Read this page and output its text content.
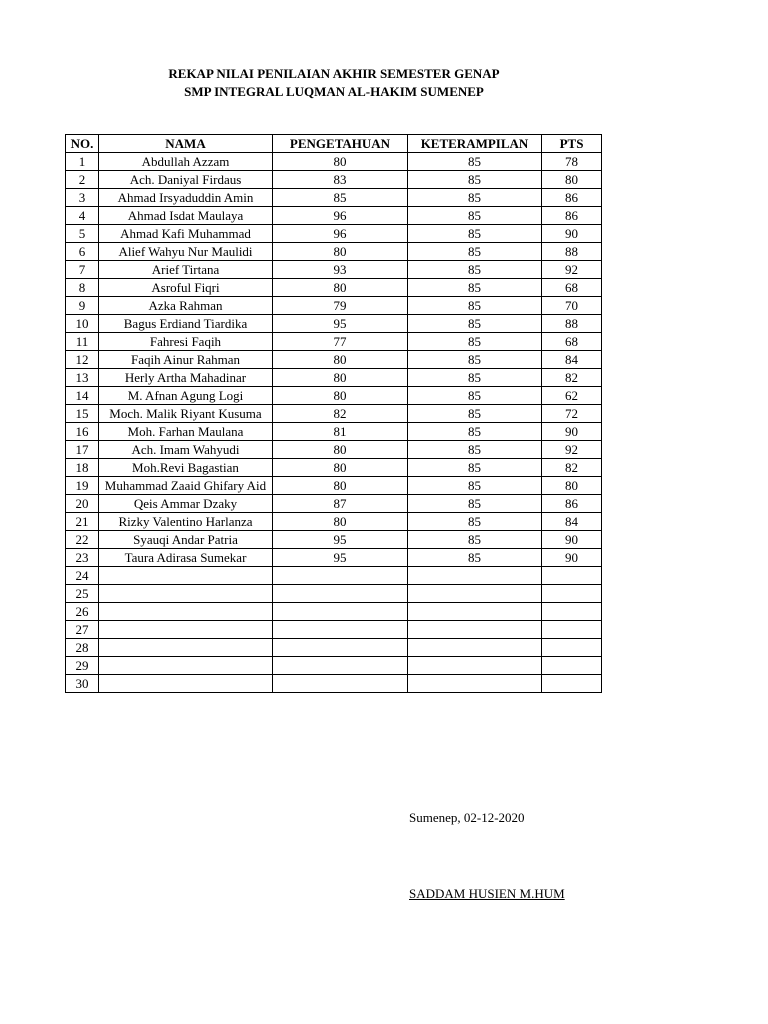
REKAP NILAI PENILAIAN AKHIR SEMESTER GENAP
SMP INTEGRAL LUQMAN AL-HAKIM SUMENEP
NO.	NAMA	PENGETAHUAN	KETERAMPILAN	PTS
1	Abdullah Azzam	80	85	78
2	Ach. Daniyal Firdaus	83	85	80
3	Ahmad Irsyaduddin Amin	85	85	86
4	Ahmad Isdat Maulaya	96	85	86
5	Ahmad Kafi Muhammad	96	85	90
6	Alief Wahyu Nur Maulidi	80	85	88
7	Arief Tirtana	93	85	92
8	Asroful Fiqri	80	85	68
9	Azka Rahman	79	85	70
10	Bagus Erdiand Tiardika	95	85	88
11	Fahresi Faqih	77	85	68
12	Faqih Ainur Rahman	80	85	84
13	Herly Artha Mahadinar	80	85	82
14	M. Afnan Agung Logi	80	85	62
15	Moch. Malik Riyant Kusuma	82	85	72
16	Moh. Farhan Maulana	81	85	90
17	Ach. Imam Wahyudi	80	85	92
18	Moh.Revi Bagastian	80	85	82
19	Muhammad Zaaid Ghifary Aid	80	85	80
20	Qeis Ammar Dzaky	87	85	86
21	Rizky Valentino Harlanza	80	85	84
22	Syauqi Andar Patria	95	85	90
23	Taura Adirasa Sumekar	95	85	90
24				
25				
26				
27				
28				
29				
30				
Sumenep, 02-12-2020
SADDAM HUSIEN M.HUM
